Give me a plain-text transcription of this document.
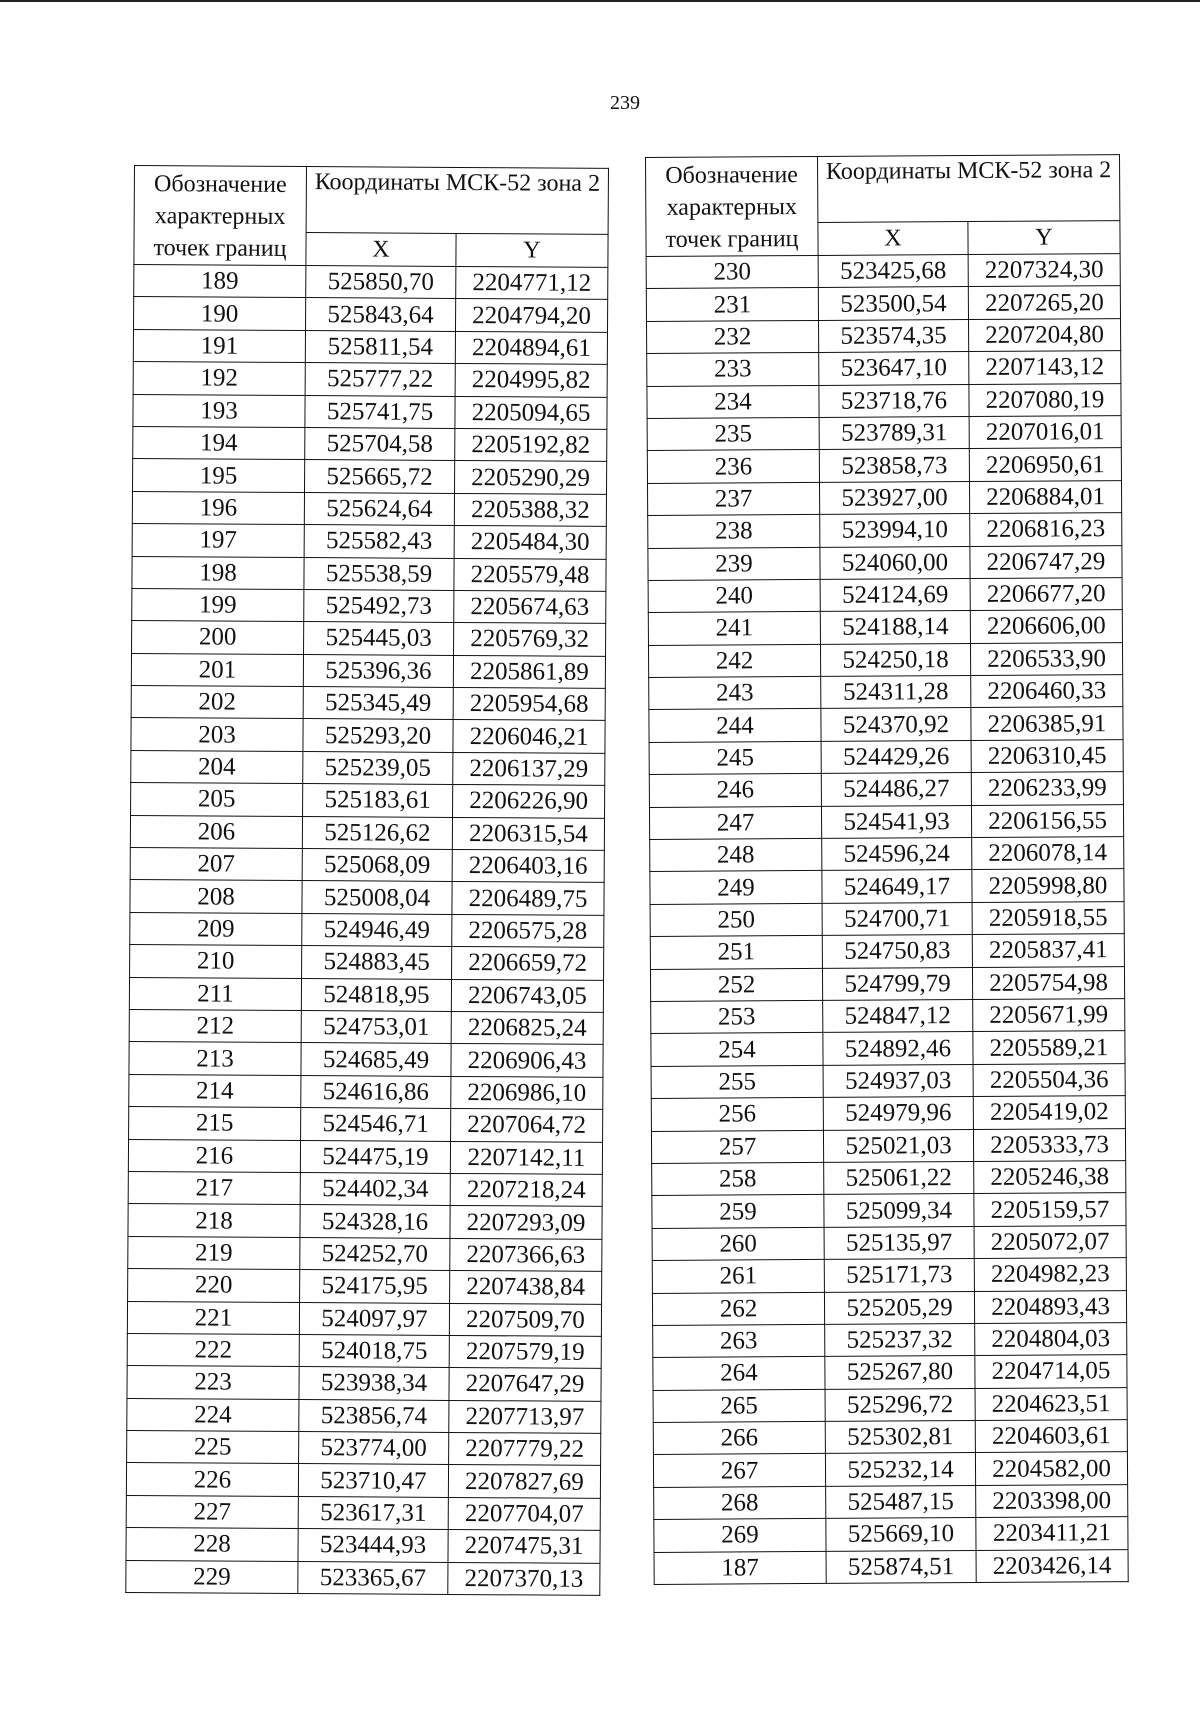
239
Обозначение характерных точек границ	Координаты МСК-52 зона 2	
	X	Y
189	525850,70	2204771,12
190	525843,64	2204794,20
191	525811,54	2204894,61
192	525777,22	2204995,82
193	525741,75	2205094,65
194	525704,58	2205192,82
195	525665,72	2205290,29
196	525624,64	2205388,32
197	525582,43	2205484,30
198	525538,59	2205579,48
199	525492,73	2205674,63
200	525445,03	2205769,32
201	525396,36	2205861,89
202	525345,49	2205954,68
203	525293,20	2206046,21
204	525239,05	2206137,29
205	525183,61	2206226,90
206	525126,62	2206315,54
207	525068,09	2206403,16
208	525008,04	2206489,75
209	524946,49	2206575,28
210	524883,45	2206659,72
211	524818,95	2206743,05
212	524753,01	2206825,24
213	524685,49	2206906,43
214	524616,86	2206986,10
215	524546,71	2207064,72
216	524475,19	2207142,11
217	524402,34	2207218,24
218	524328,16	2207293,09
219	524252,70	2207366,63
220	524175,95	2207438,84
221	524097,97	2207509,70
222	524018,75	2207579,19
223	523938,34	2207647,29
224	523856,74	2207713,97
225	523774,00	2207779,22
226	523710,47	2207827,69
227	523617,31	2207704,07
228	523444,93	2207475,31
229	523365,67	2207370,13
Обозначение характерных точек границ	Координаты МСК-52 зона 2	
	X	Y
230	523425,68	2207324,30
231	523500,54	2207265,20
232	523574,35	2207204,80
233	523647,10	2207143,12
234	523718,76	2207080,19
235	523789,31	2207016,01
236	523858,73	2206950,61
237	523927,00	2206884,01
238	523994,10	2206816,23
239	524060,00	2206747,29
240	524124,69	2206677,20
241	524188,14	2206606,00
242	524250,18	2206533,90
243	524311,28	2206460,33
244	524370,92	2206385,91
245	524429,26	2206310,45
246	524486,27	2206233,99
247	524541,93	2206156,55
248	524596,24	2206078,14
249	524649,17	2205998,80
250	524700,71	2205918,55
251	524750,83	2205837,41
252	524799,79	2205754,98
253	524847,12	2205671,99
254	524892,46	2205589,21
255	524937,03	2205504,36
256	524979,96	2205419,02
257	525021,03	2205333,73
258	525061,22	2205246,38
259	525099,34	2205159,57
260	525135,97	2205072,07
261	525171,73	2204982,23
262	525205,29	2204893,43
263	525237,32	2204804,03
264	525267,80	2204714,05
265	525296,72	2204623,51
266	525302,81	2204603,61
267	525232,14	2204582,00
268	525487,15	2203398,00
269	525669,10	2203411,21
187	525874,51	2203426,14
